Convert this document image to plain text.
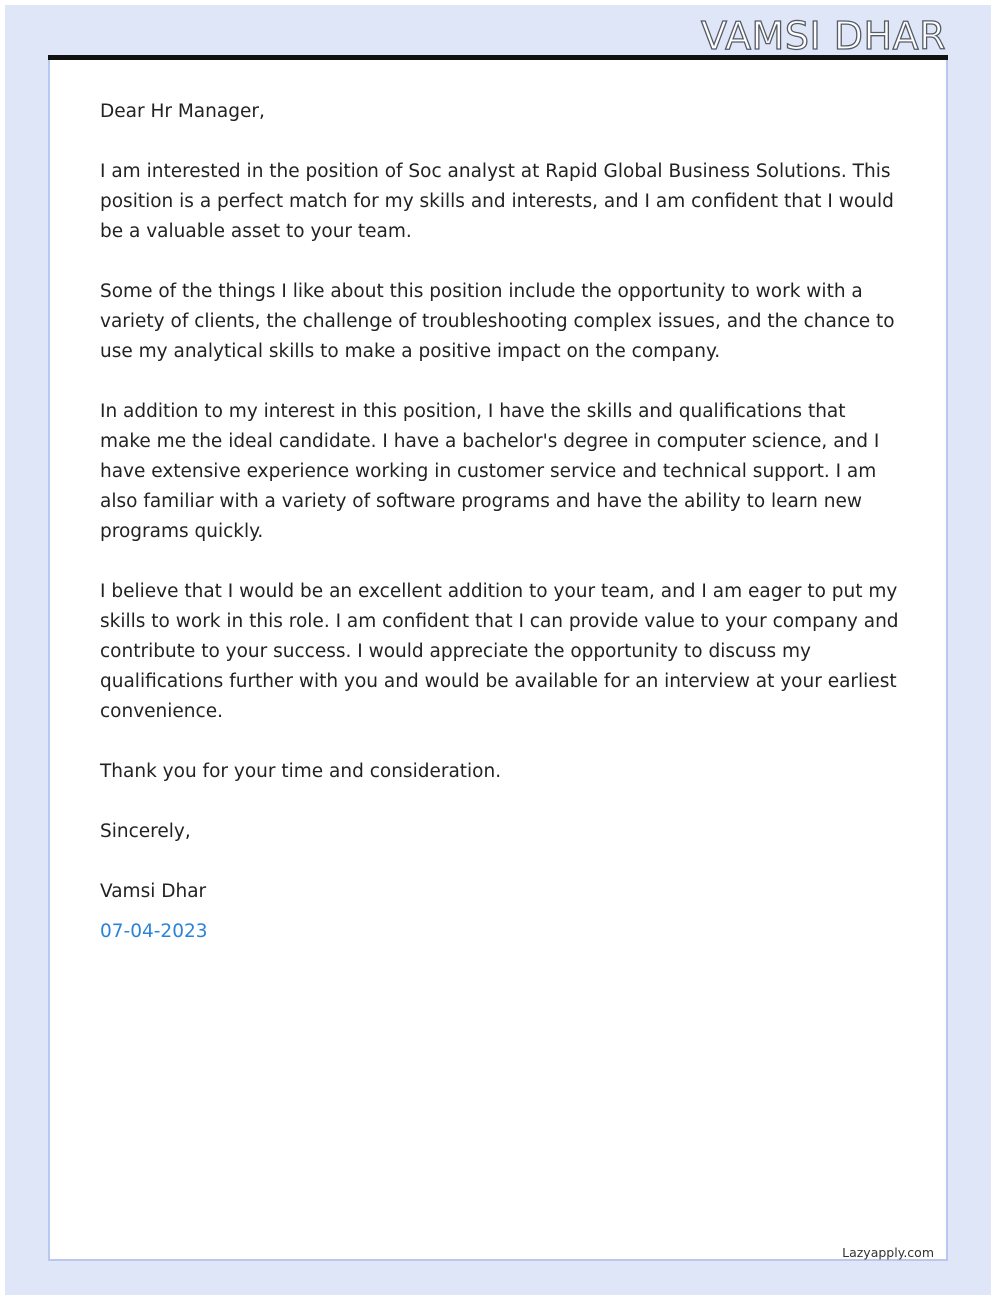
VAMSI DHAR

Dear Hr Manager,

I am interested in the position of Soc analyst at Rapid Global Business Solutions. This position is a perfect match for my skills and interests, and I am confident that I would be a valuable asset to your team.

Some of the things I like about this position include the opportunity to work with a variety of clients, the challenge of troubleshooting complex issues, and the chance to use my analytical skills to make a positive impact on the company.

In addition to my interest in this position, I have the skills and qualifications that make me the ideal candidate. I have a bachelor's degree in computer science, and I have extensive experience working in customer service and technical support. I am also familiar with a variety of software programs and have the ability to learn new programs quickly.

I believe that I would be an excellent addition to your team, and I am eager to put my skills to work in this role. I am confident that I can provide value to your company and contribute to your success. I would appreciate the opportunity to discuss my qualifications further with you and would be available for an interview at your earliest convenience.

Thank you for your time and consideration.

Sincerely,

Vamsi Dhar

07-04-2023

Lazyapply.com
